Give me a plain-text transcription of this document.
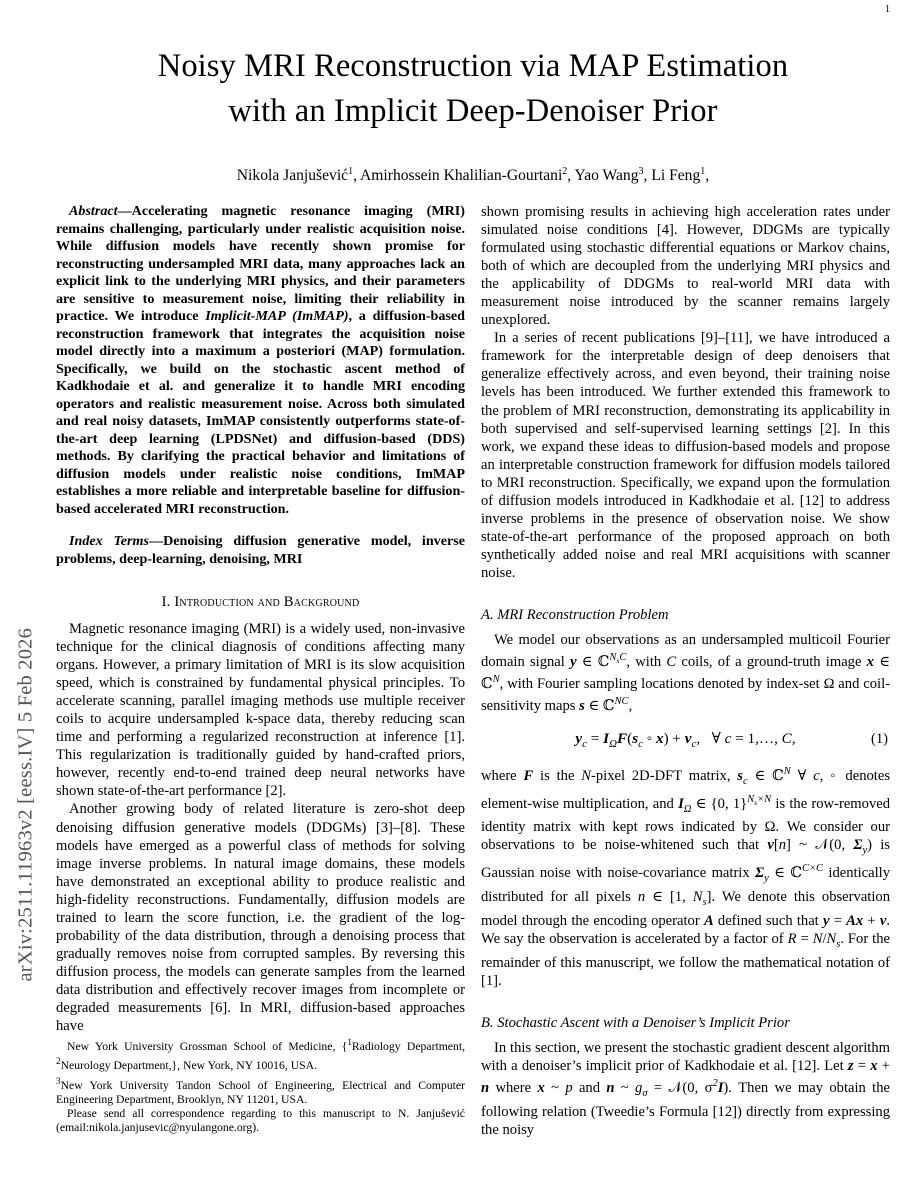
arXiv:2511.11963v2 [eess.IV] 5 Feb 2026
1
Noisy MRI Reconstruction via MAP Estimation
with an Implicit Deep-Denoiser Prior
Nikola Janjušević$^1$, Amirhossein Khalilian-Gourtani$^2$, Yao Wang$^3$, Li Feng$^1$,
Abstract—Accelerating magnetic resonance imaging (MRI) remains challenging, particularly under realistic acquisition noise. While diffusion models have recently shown promise for reconstructing undersampled MRI data, many approaches lack an explicit link to the underlying MRI physics, and their parameters are sensitive to measurement noise, limiting their reliability in practice. We introduce Implicit-MAP (ImMAP), a diffusion-based reconstruction framework that integrates the acquisition noise model directly into a maximum a posteriori (MAP) formulation. Specifically, we build on the stochastic ascent method of Kadkhodaie et al. and generalize it to handle MRI encoding operators and realistic measurement noise. Across both simulated and real noisy datasets, ImMAP consistently outperforms state-of-the-art deep learning (LPDSNet) and diffusion-based (DDS) methods. By clarifying the practical behavior and limitations of diffusion models under realistic noise conditions, ImMAP establishes a more reliable and interpretable baseline for diffusion-based accelerated MRI reconstruction.
Index Terms—Denoising diffusion generative model, inverse problems, deep-learning, denoising, MRI
I. Introduction and Background

Magnetic resonance imaging (MRI) is a widely used, non-invasive technique for the clinical diagnosis of conditions affecting many organs. However, a primary limitation of MRI is its slow acquisition speed, which is constrained by fundamental physical principles. To accelerate scanning, parallel imaging methods use multiple receiver coils to acquire undersampled k-space data, thereby reducing scan time and performing a regularized reconstruction at inference [1]. This regularization is traditionally guided by hand-crafted priors, however, recently end-to-end trained deep neural networks have shown state-of-the-art performance [2].

Another growing body of related literature is zero-shot deep denoising diffusion generative models (DDGMs) [3]–[8]. These models have emerged as a powerful class of methods for solving image inverse problems. In natural image domains, these models have demonstrated an exceptional ability to produce realistic and high-fidelity reconstructions. Fundamentally, diffusion models are trained to learn the score function, i.e. the gradient of the log-probability of the data distribution, through a denoising process that gradually removes noise from corrupted samples. By reversing this diffusion process, the models can generate samples from the learned data distribution and effectively recover images from incomplete or degraded measurements [6]. In MRI, diffusion-based approaches have

New York University Grossman School of Medicine, {$^1$Radiology Department, $^2$Neurology Department,}, New York, NY 10016, USA.

$^3$New York University Tandon School of Engineering, Electrical and Computer Engineering Department, Brooklyn, NY 11201, USA.

Please send all correspondence regarding to this manuscript to N. Janjušević (email:nikola.janjusevic@nyulangone.org).

shown promising results in achieving high acceleration rates under simulated noise conditions [4]. However, DDGMs are typically formulated using stochastic differential equations or Markov chains, both of which are decoupled from the underlying MRI physics and the applicability of DDGMs to real-world MRI data with measurement noise introduced by the scanner remains largely unexplored.

In a series of recent publications [9]–[11], we have introduced a framework for the interpretable design of deep denoisers that generalize effectively across, and even beyond, their training noise levels has been introduced. We further extended this framework to the problem of MRI reconstruction, demonstrating its applicability in both supervised and self-supervised learning settings [2]. In this work, we expand these ideas to diffusion-based models and propose an interpretable construction framework for diffusion models tailored to MRI reconstruction. Specifically, we expand upon the formulation of diffusion models introduced in Kadkhodaie et al. [12] to address inverse problems in the presence of observation noise. We show state-of-the-art performance of the proposed approach on both synthetically added noise and real MRI acquisitions with scanner noise.

A. MRI Reconstruction Problem

We model our observations as an undersampled multicoil Fourier domain signal y ∈ ℂ$^{N_sC}$, with C coils, of a ground-truth image x ∈ ℂ$^N$, with Fourier sampling locations denoted by index-set Ω and coil-sensitivity maps s ∈ ℂ$^{NC}$,

$y_c = I_\Omega F(s_c$ ◦ $x) + \nu_c$,   ∀ c = 1,…, C,	(1)

where F is the N-pixel 2D-DFT matrix, $s_c$ ∈ ℂ$^N$ ∀ c, ◦ denotes element-wise multiplication, and $I_\Omega$ ∈ {0, 1}$^{N_s\times N}$ is the row-removed identity matrix with kept rows indicated by Ω. We consider our observations to be noise-whitened such that ν[n] ~ 𝒩(0, $\Sigma_y$) is Gaussian noise with noise-covariance matrix $\Sigma_y$ ∈ ℂ$^{C\times C}$ identically distributed for all pixels n ∈ [1, $N_s$]. We denote this observation model through the encoding operator A defined such that y = Ax + ν. We say the observation is accelerated by a factor of $R = N/N_s$. For the remainder of this manuscript, we follow the mathematical notation of [1].

B. Stochastic Ascent with a Denoiser’s Implicit Prior

In this section, we present the stochastic gradient descent algorithm with a denoiser’s implicit prior of Kadkhodaie et al. [12]. Let z = x + n where x ~ p and n ~ $g_\sigma$ = 𝒩(0, $\sigma^2I$). Then we may obtain the following relation (Tweedie’s Formula [12]) directly from expressing the noisy
